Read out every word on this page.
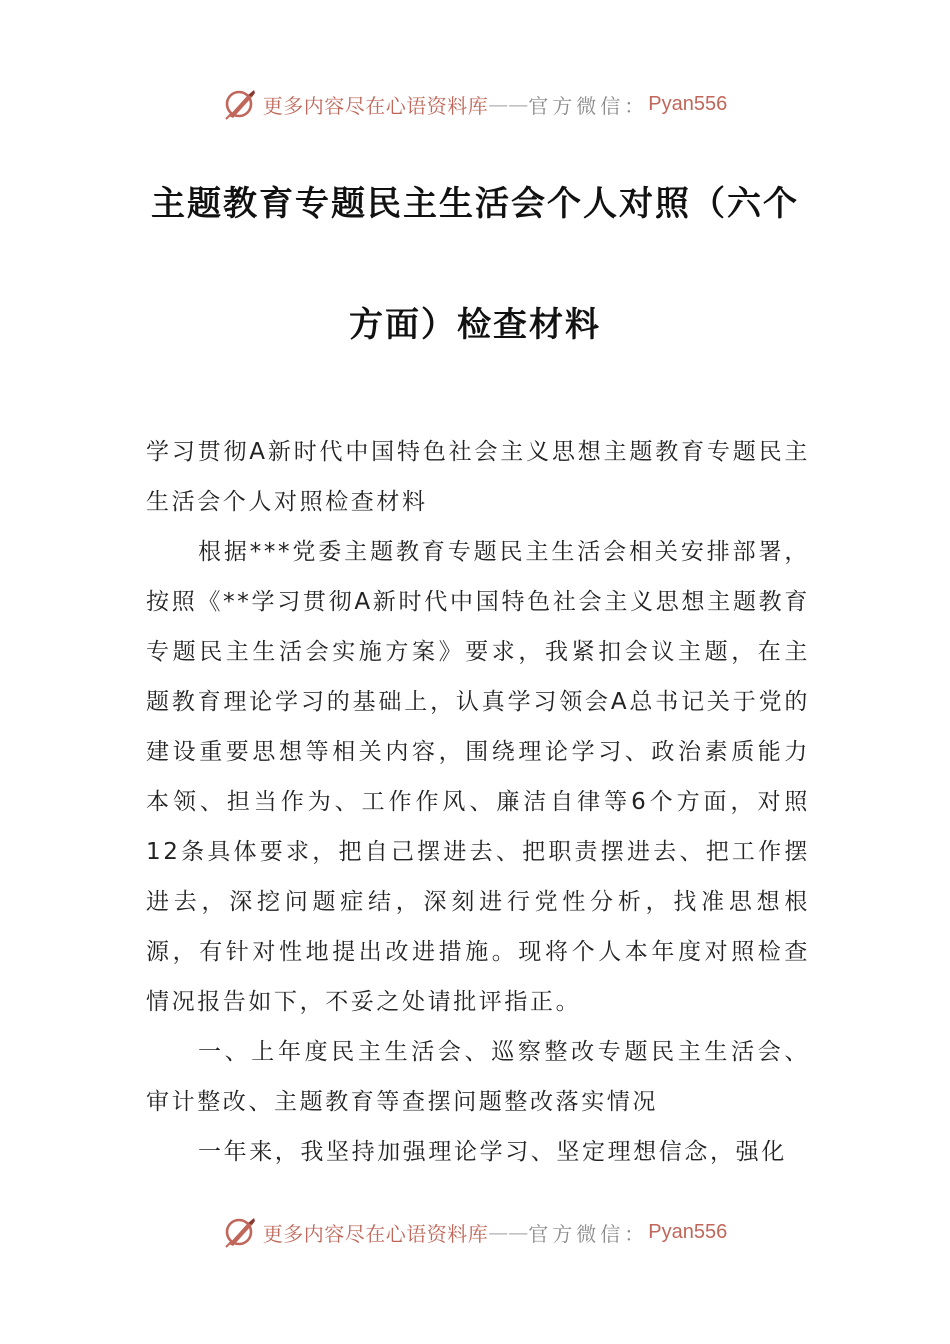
更多内容尽在心语资料库 —— 官方微信： Pyan556
主题教育专题民主生活会个人对照（六个
方面）检查材料

学习贯彻A新时代中国特色社会主义思想主题教育专题民主生活会个人对照检查材料

根据***党委主题教育专题民主生活会相关安排部署，按照《**学习贯彻A新时代中国特色社会主义思想主题教育专题民主生活会实施方案》要求，我紧扣会议主题，在主题教育理论学习的基础上，认真学习领会A总书记关于党的建设重要思想等相关内容，围绕理论学习、政治素质能力本领、担当作为、工作作风、廉洁自律等6个方面，对照12条具体要求，把自己摆进去、把职责摆进去、把工作摆进去，深挖问题症结，深刻进行党性分析，找准思想根源，有针对性地提出改进措施。现将个人本年度对照检查情况报告如下，不妥之处请批评指正。

一、上年度民主生活会、巡察整改专题民主生活会、审计整改、主题教育等查摆问题整改落实情况

一年来，我坚持加强理论学习、坚定理想信念，强化

更多内容尽在心语资料库 —— 官方微信： Pyan556
